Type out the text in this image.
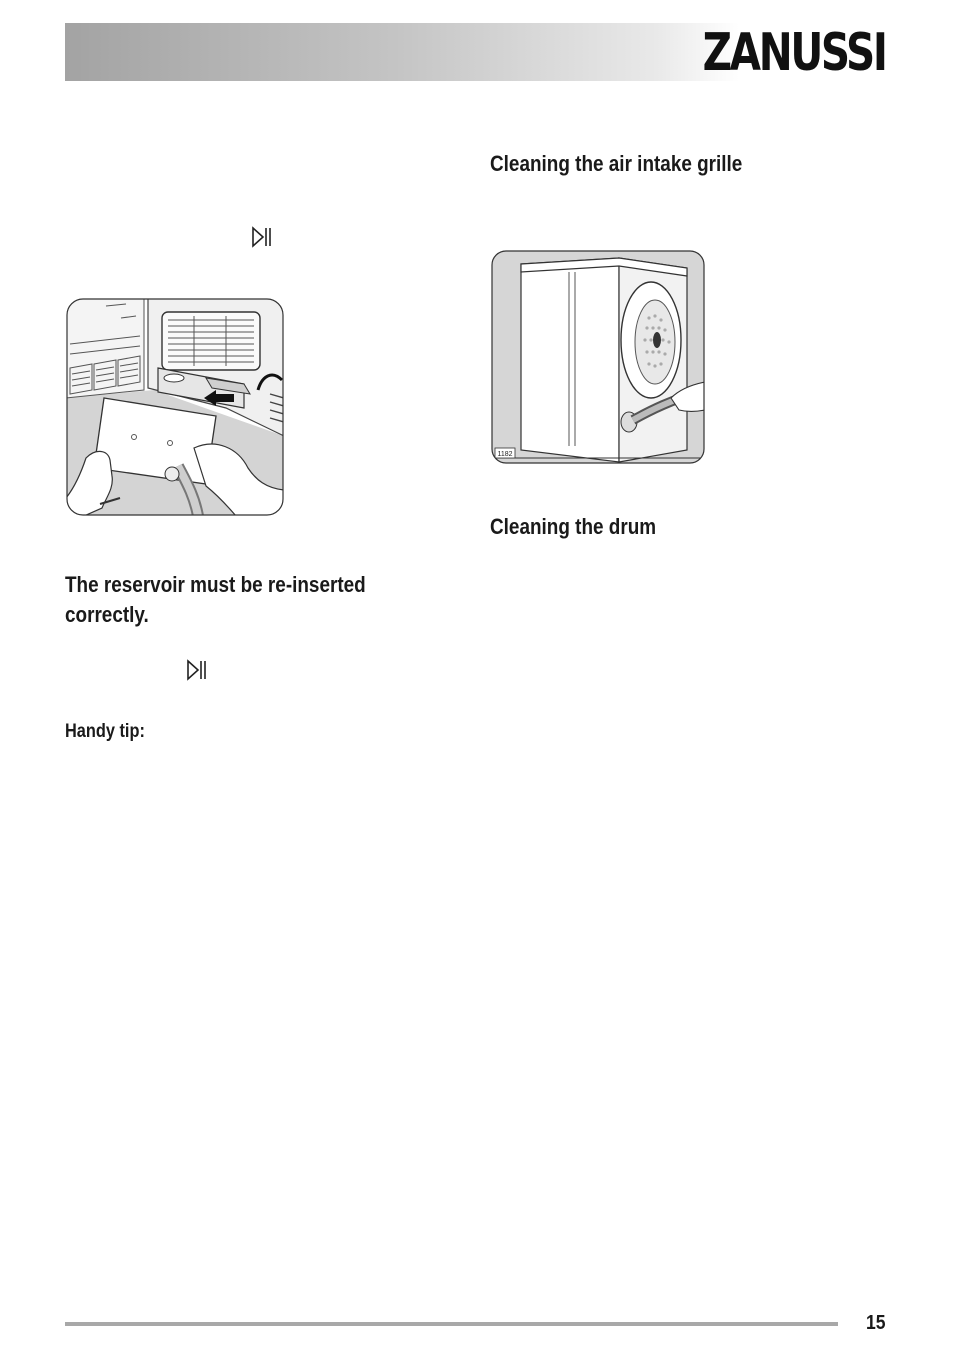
ZANUSSI
The reservoir must be re-inserted correctly.
Handy tip:
Cleaning the air intake grille
1182
Cleaning the drum
15
